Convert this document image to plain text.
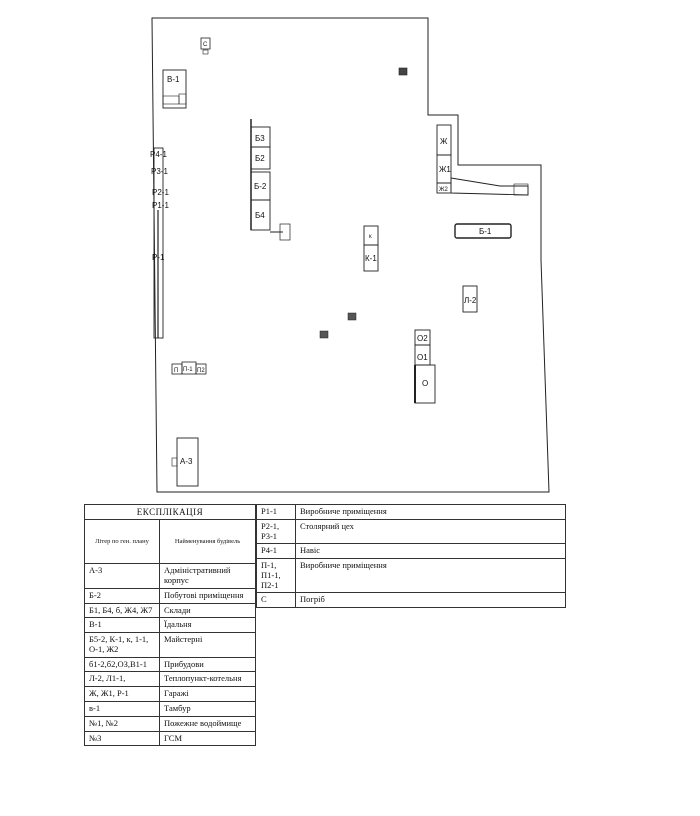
С
В-1
Б3
Б2
Б-2
Б4
Р4-1
Р3-1
Р2-1
Р1-1
Р-1
Ж
Ж1
Ж2
Б-1
к
К-1
Л-2
О2
О1
О
П П-1 П2
А-3
ЕКСПЛІКАЦІЯ	
Літер по ген. плану	Найменування будівель
А-3	Адміністративний корпус
Б-2	Побутові приміщення
Б1, Б4, б, Ж4, Ж7	Склади
В-1	Їдальня
Б5-2, К-1, к, 1-1, О-1, Ж2	Майстерні
б1-2,б2,ОЗ,В1-1	Прибудови
Л-2, Л1-1,	Теплопункт-котельня
Ж, Ж1, Р-1	Гаражі
в-1	Тамбур
№1, №2	Пожежне водоймище
№3	ГСМ
Р1-1	Виробниче приміщення
Р2-1, Р3-1	Столярний цех
Р4-1	Навіс
П-1, П1-1, П2-1	Виробниче приміщення
С	Погріб
